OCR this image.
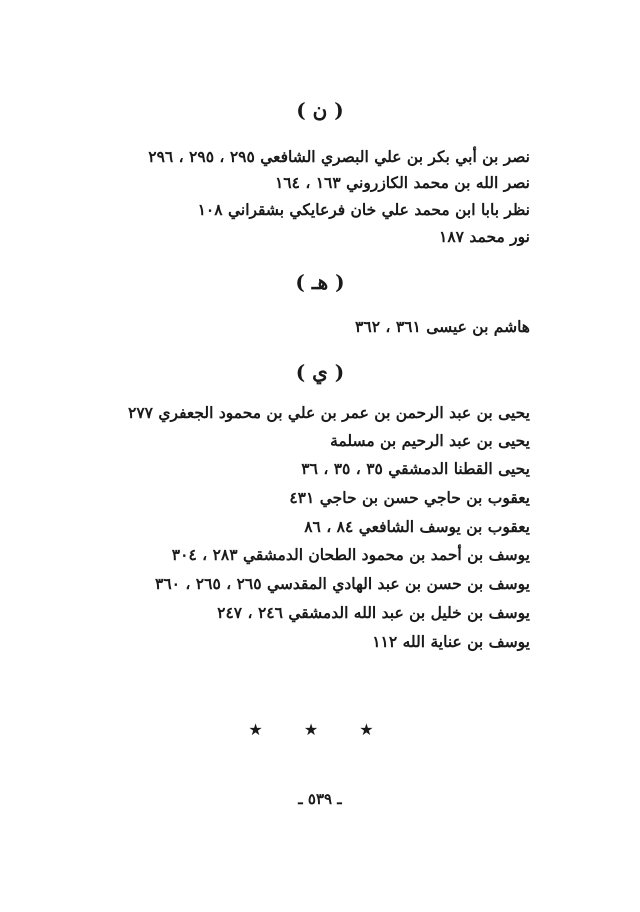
( ن )
نصر بن أبي بكر بن علي البصري الشافعي ٢٩٥ ، ٢٩٥ ، ٢٩٦
نصر الله بن محمد الكازروني ١٦٣ ، ١٦٤
نظر بابا ابن محمد علي خان فرعايكي بشقراني ١٠٨
نور محمد ١٨٧
( هـ )
هاشم بن عيسى ٣٦١ ، ٣٦٢
( ي )
يحيى بن عبد الرحمن بن عمر بن علي بن محمود الجعفري ٢٧٧
يحيى بن عبد الرحيم بن مسلمة
يحيى القطنا الدمشقي ٣٥ ، ٣٥ ، ٣٦
يعقوب بن حاجي حسن بن حاجي ٤٣١
يعقوب بن يوسف الشافعي ٨٤ ، ٨٦
يوسف بن أحمد بن محمود الطحان الدمشقي ٢٨٣ ، ٣٠٤
يوسف بن حسن بن عبد الهادي المقدسي ٢٦٥ ، ٢٦٥ ، ٣٦٠
يوسف بن خليل بن عبد الله الدمشقي ٢٤٦ ، ٢٤٧
يوسف بن عناية الله ١١٢
★ ★ ★
ـ ٥٣٩ ـ
